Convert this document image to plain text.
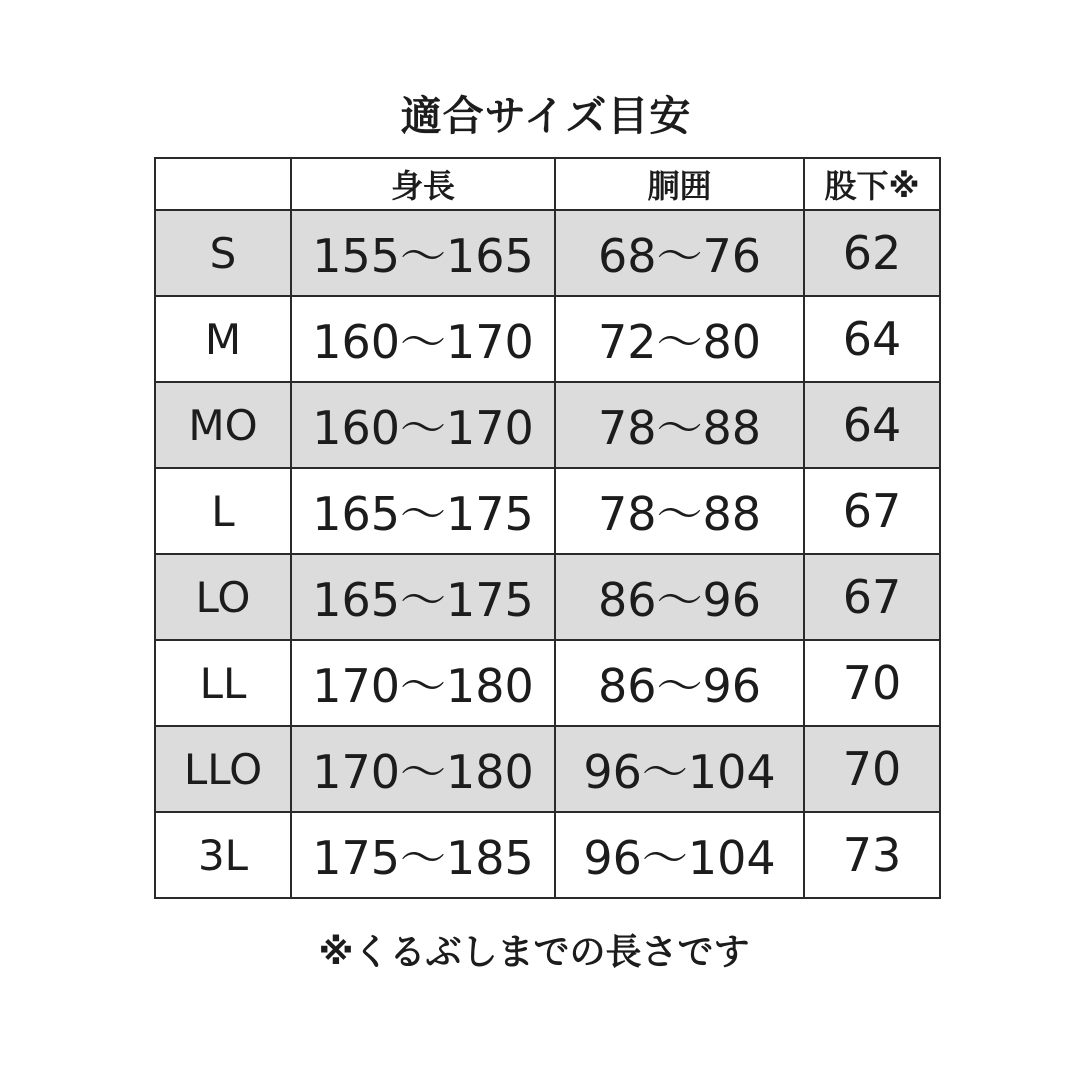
適合サイズ目安
	身長	胴囲	股下※
S	155〜165	68〜76	62
M	160〜170	72〜80	64
MO	160〜170	78〜88	64
L	165〜175	78〜88	67
LO	165〜175	86〜96	67
LL	170〜180	86〜96	70
LLO	170〜180	96〜104	70
3L	175〜185	96〜104	73
※くるぶしまでの長さです
